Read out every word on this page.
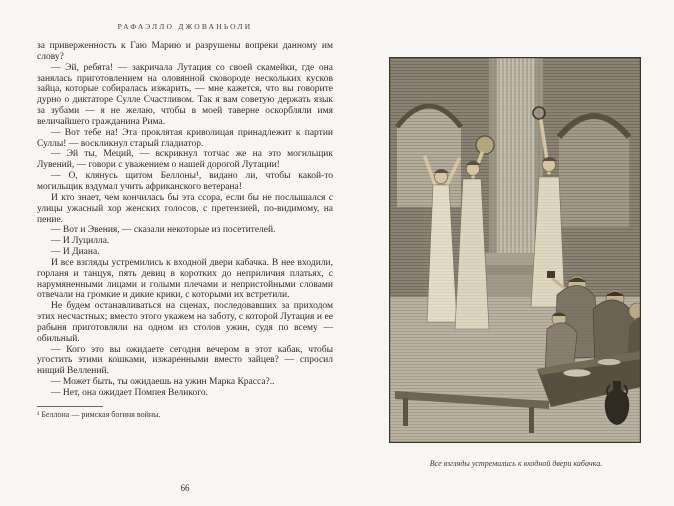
РАФАЭЛЛО ДЖОВАНЬОЛИ

за приверженность к Гаю Марию и разрушены вопреки данному им слову?

— Эй, ребята! — закричала Лутация со своей скамейки, где она занялась приготовлением на оловянной сковороде нескольких кусков зайца, которые собиралась изжарить, — мне кажется, что вы говорите дурно о диктаторе Сулле Счастливом. Так я вам советую держать язык за зубами — я не желаю, чтобы в моей таверне оскорбляли имя величайшего гражданина Рима.

— Вот тебе на! Эта проклятая криволицая принадлежит к партии Суллы! — воскликнул старый гладиатор.

— Эй ты, Меций, — вскрикнул тотчас же на это могильщик Лувений, — говори с уважением о нашей дорогой Лутации!

— О, клянусь щитом Беллоны¹, видано ли, чтобы какой-то могильщик вздумал учить африканского ветерана!

И кто знает, чем кончилась бы эта ссора, если бы не послышался с улицы ужасный хор женских голосов, с претензией, по-видимому, на пение.

— Вот и Эвения, — сказали некоторые из посетителей.

— И Луцилла.

— И Диана.

И все взгляды устремились к входной двери кабачка. В нее входили, горланя и танцуя, пять девиц в коротких до неприличия платьях, с нарумяненными лицами и голыми плечами и непристойными словами отвечали на громкие и дикие крики, с которыми их встретили.

Не будем останавливаться на сценах, последовавших за приходом этих несчастных; вместо этого укажем на заботу, с которой Лутация и ее рабыня приготовляли на одном из столов ужин, судя по всему — обильный.

— Кого это вы ожидаете сегодня вечером в этот кабак, чтобы угостить этими кошками, изжаренными вместо зайцев? — спросил нищий Веллений.

— Может быть, ты ожидаешь на ужин Марка Красса?..

— Нет, она ожидает Помпея Великого.

¹ Беллона — римская богиня войны.
66
Все взгляды устремились к входной двери кабачка.
